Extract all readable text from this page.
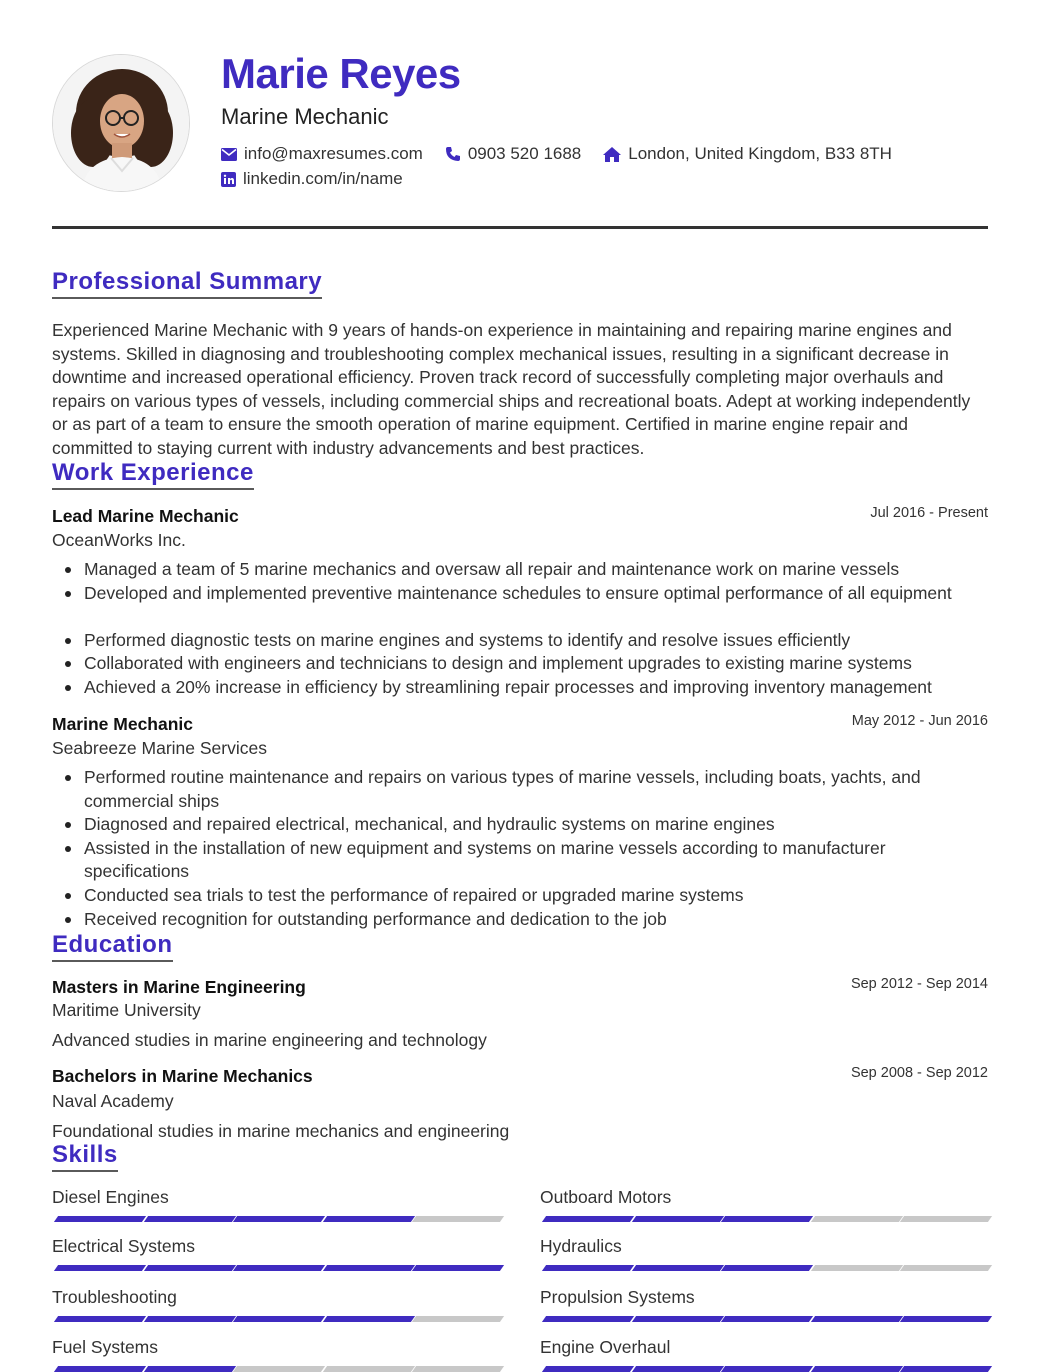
Marie Reyes
Marine Mechanic
info@maxresumes.com	0903 520 1688	London, United Kingdom, B33 8TH
linkedin.com/in/name
Professional Summary
Experienced Marine Mechanic with 9 years of hands-on experience in maintaining and repairing marine engines and systems. Skilled in diagnosing and troubleshooting complex mechanical issues, resulting in a significant decrease in downtime and increased operational efficiency. Proven track record of successfully completing major overhauls and repairs on various types of vessels, including commercial ships and recreational boats. Adept at working independently or as part of a team to ensure the smooth operation of marine equipment. Certified in marine engine repair and committed to staying current with industry advancements and best practices.
Work Experience
Lead Marine Mechanic	Jul 2016 - Present
OceanWorks Inc.
Managed a team of 5 marine mechanics and oversaw all repair and maintenance work on marine vessels
Developed and implemented preventive maintenance schedules to ensure optimal performance of all equipment
Performed diagnostic tests on marine engines and systems to identify and resolve issues efficiently
Collaborated with engineers and technicians to design and implement upgrades to existing marine systems
Achieved a 20% increase in efficiency by streamlining repair processes and improving inventory management
Marine Mechanic	May 2012 - Jun 2016
Seabreeze Marine Services
Performed routine maintenance and repairs on various types of marine vessels, including boats, yachts, and commercial ships
Diagnosed and repaired electrical, mechanical, and hydraulic systems on marine engines
Assisted in the installation of new equipment and systems on marine vessels according to manufacturer specifications
Conducted sea trials to test the performance of repaired or upgraded marine systems
Received recognition for outstanding performance and dedication to the job
Education
Masters in Marine Engineering	Sep 2012 - Sep 2014
Maritime University
Advanced studies in marine engineering and technology
Bachelors in Marine Mechanics	Sep 2008 - Sep 2012
Naval Academy
Foundational studies in marine mechanics and engineering
Skills
Diesel Engines	Outboard Motors
Electrical Systems	Hydraulics
Troubleshooting	Propulsion Systems
Fuel Systems	Engine Overhaul
